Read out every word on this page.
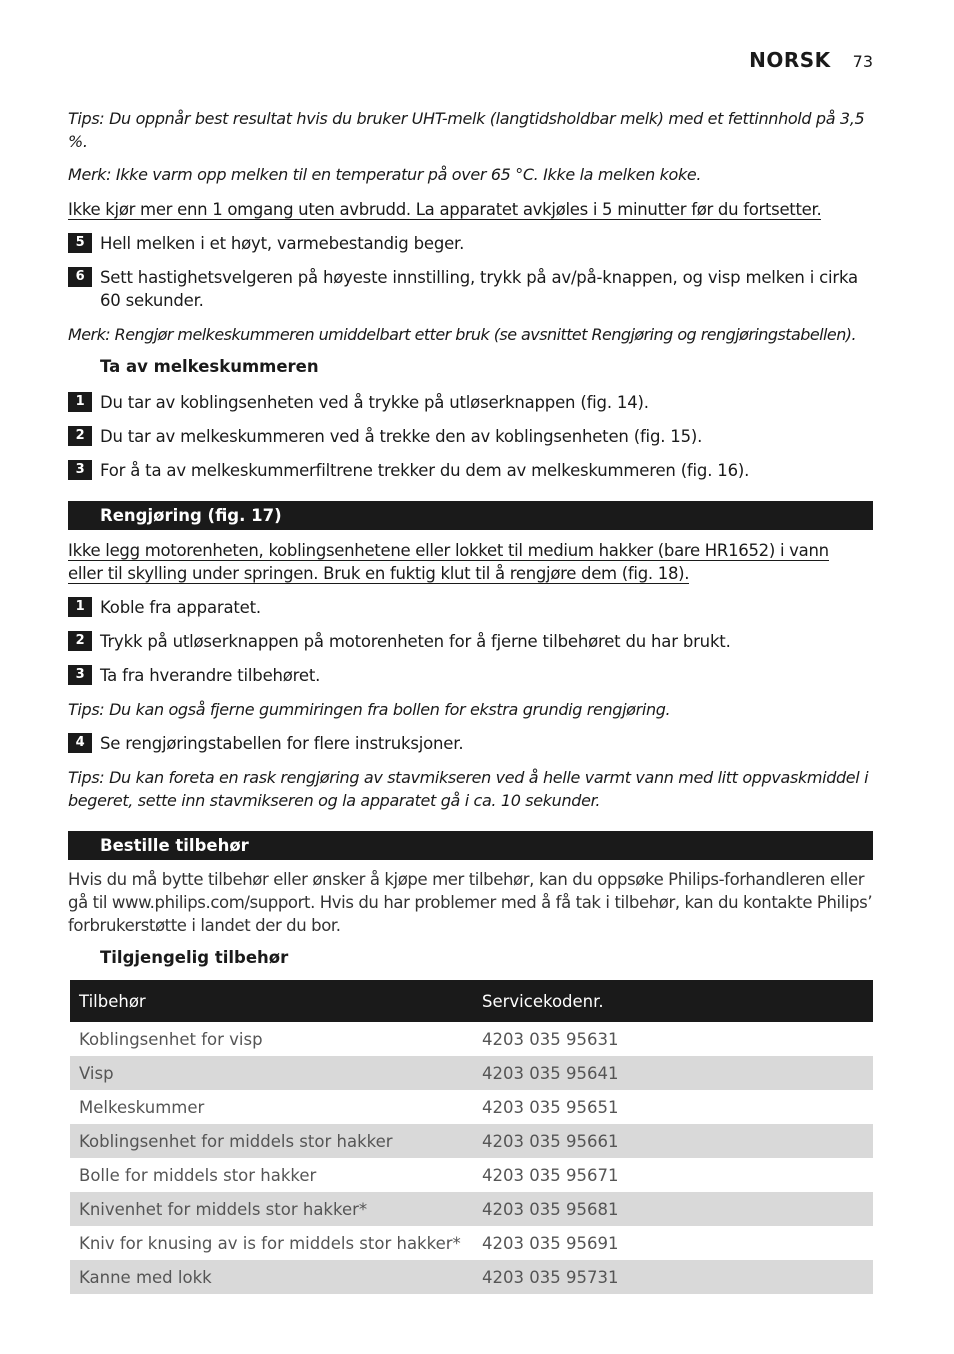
NORSK 73

Tips: Du oppnår best resultat hvis du bruker UHT-melk (langtidsholdbar melk) med et fettinnhold på 3,5 %.

Merk: Ikke varm opp melken til en temperatur på over 65 °C. Ikke la melken koke.

Ikke kjør mer enn 1 omgang uten avbrudd. La apparatet avkjøles i 5 minutter før du fortsetter.

5 Hell melken i et høyt, varmebestandig beger.
6 Sett hastighetsvelgeren på høyeste innstilling, trykk på av/på-knappen, og visp melken i cirka 60 sekunder.

Merk: Rengjør melkeskummeren umiddelbart etter bruk (se avsnittet Rengjøring og rengjøringstabellen).

Ta av melkeskummeren
1 Du tar av koblingsenheten ved å trykke på utløserknappen (fig. 14).
2 Du tar av melkeskummeren ved å trekke den av koblingsenheten (fig. 15).
3 For å ta av melkeskummerfiltrene trekker du dem av melkeskummeren (fig. 16).
Rengjøring (fig. 17)

Ikke legg motorenheten, koblingsenhetene eller lokket til medium hakker (bare HR1652) i vann

eller til skylling under springen. Bruk en fuktig klut til å rengjøre dem (fig. 18).

1 Koble fra apparatet.
2 Trykk på utløserknappen på motorenheten for å fjerne tilbehøret du har brukt.
3 Ta fra hverandre tilbehøret.

Tips: Du kan også fjerne gummiringen fra bollen for ekstra grundig rengjøring.

4 Se rengjøringstabellen for flere instruksjoner.

Tips: Du kan foreta en rask rengjøring av stavmikseren ved å helle varmt vann med litt oppvaskmiddel i begeret, sette inn stavmikseren og la apparatet gå i ca. 10 sekunder.

Bestille tilbehør

Hvis du må bytte tilbehør eller ønsker å kjøpe mer tilbehør, kan du oppsøke Philips-forhandleren eller gå til www.philips.com/support. Hvis du har problemer med å få tak i tilbehør, kan du kontakte Philips’ forbrukerstøtte i landet der du bor.

Tilgjengelig tilbehør
Tilbehør	Servicekodenr.
Koblingsenhet for visp	4203 035 95631
Visp	4203 035 95641
Melkeskummer	4203 035 95651
Koblingsenhet for middels stor hakker	4203 035 95661
Bolle for middels stor hakker	4203 035 95671
Knivenhet for middels stor hakker*	4203 035 95681
Kniv for knusing av is for middels stor hakker*	4203 035 95691
Kanne med lokk	4203 035 95731
